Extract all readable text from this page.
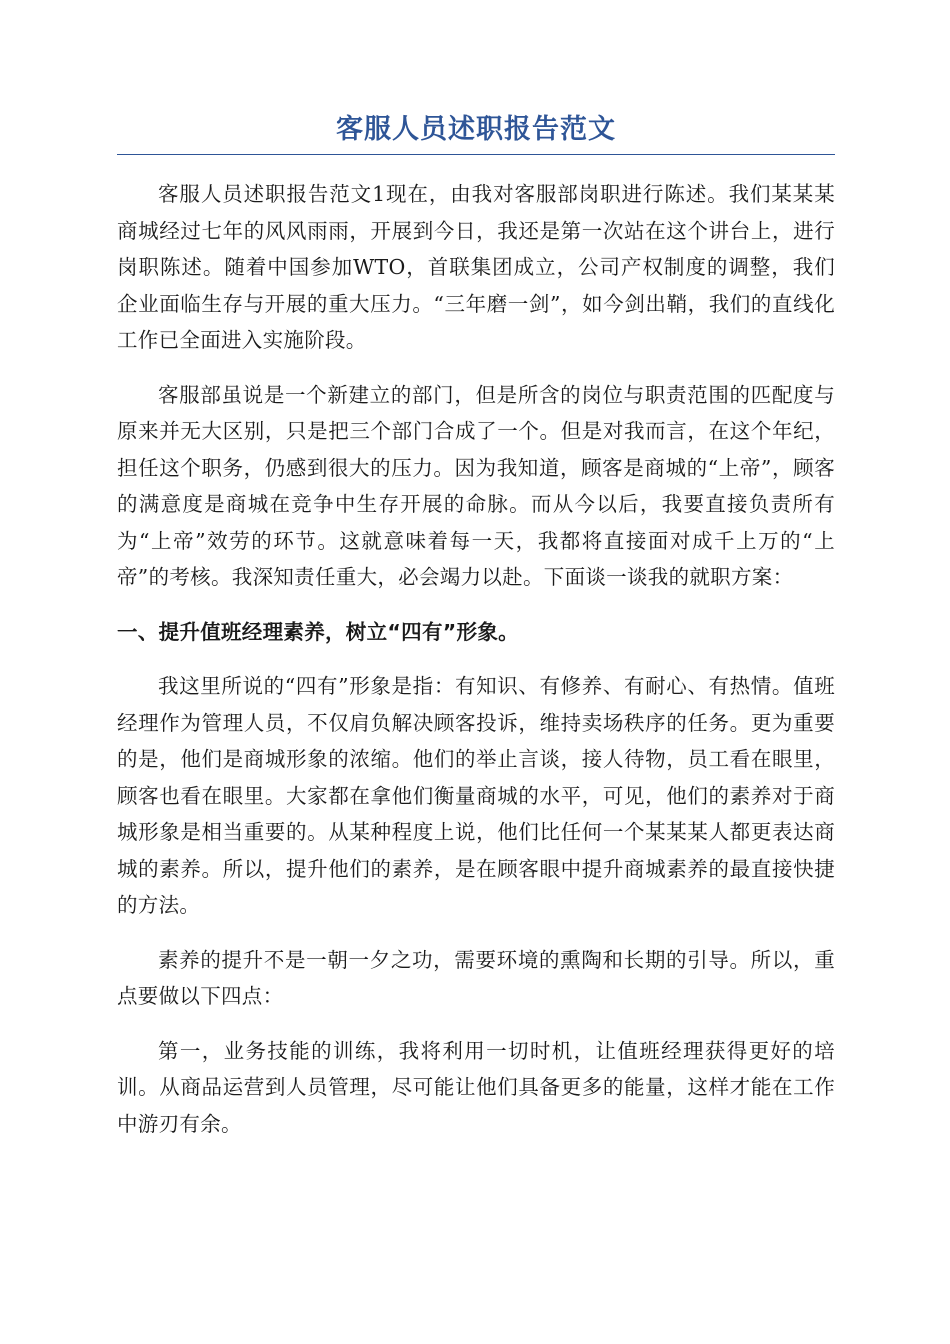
客服人员述职报告范文

客服人员述职报告范文1现在，由我对客服部岗职进行陈述。我们某某某商城经过七年的风风雨雨，开展到今日，我还是第一次站在这个讲台上，进行岗职陈述。随着中国参加WTO，首联集团成立，公司产权制度的调整，我们企业面临生存与开展的重大压力。“三年磨一剑”，如今剑出鞘，我们的直线化工作已全面进入实施阶段。

客服部虽说是一个新建立的部门，但是所含的岗位与职责范围的匹配度与原来并无大区别，只是把三个部门合成了一个。但是对我而言，在这个年纪，担任这个职务，仍感到很大的压力。因为我知道，顾客是商城的“上帝”，顾客的满意度是商城在竞争中生存开展的命脉。而从今以后，我要直接负责所有为“上帝”效劳的环节。这就意味着每一天，我都将直接面对成千上万的“上帝”的考核。我深知责任重大，必会竭力以赴。下面谈一谈我的就职方案：

一、提升值班经理素养，树立“四有”形象。

我这里所说的“四有”形象是指：有知识、有修养、有耐心、有热情。值班经理作为管理人员，不仅肩负解决顾客投诉，维持卖场秩序的任务。更为重要的是，他们是商城形象的浓缩。他们的举止言谈，接人待物，员工看在眼里，顾客也看在眼里。大家都在拿他们衡量商城的水平，可见，他们的素养对于商城形象是相当重要的。从某种程度上说，他们比任何一个某某某人都更表达商城的素养。所以，提升他们的素养，是在顾客眼中提升商城素养的最直接快捷的方法。

素养的提升不是一朝一夕之功，需要环境的熏陶和长期的引导。所以，重点要做以下四点：

第一，业务技能的训练，我将利用一切时机，让值班经理获得更好的培训。从商品运营到人员管理，尽可能让他们具备更多的能量，这样才能在工作中游刃有余。
